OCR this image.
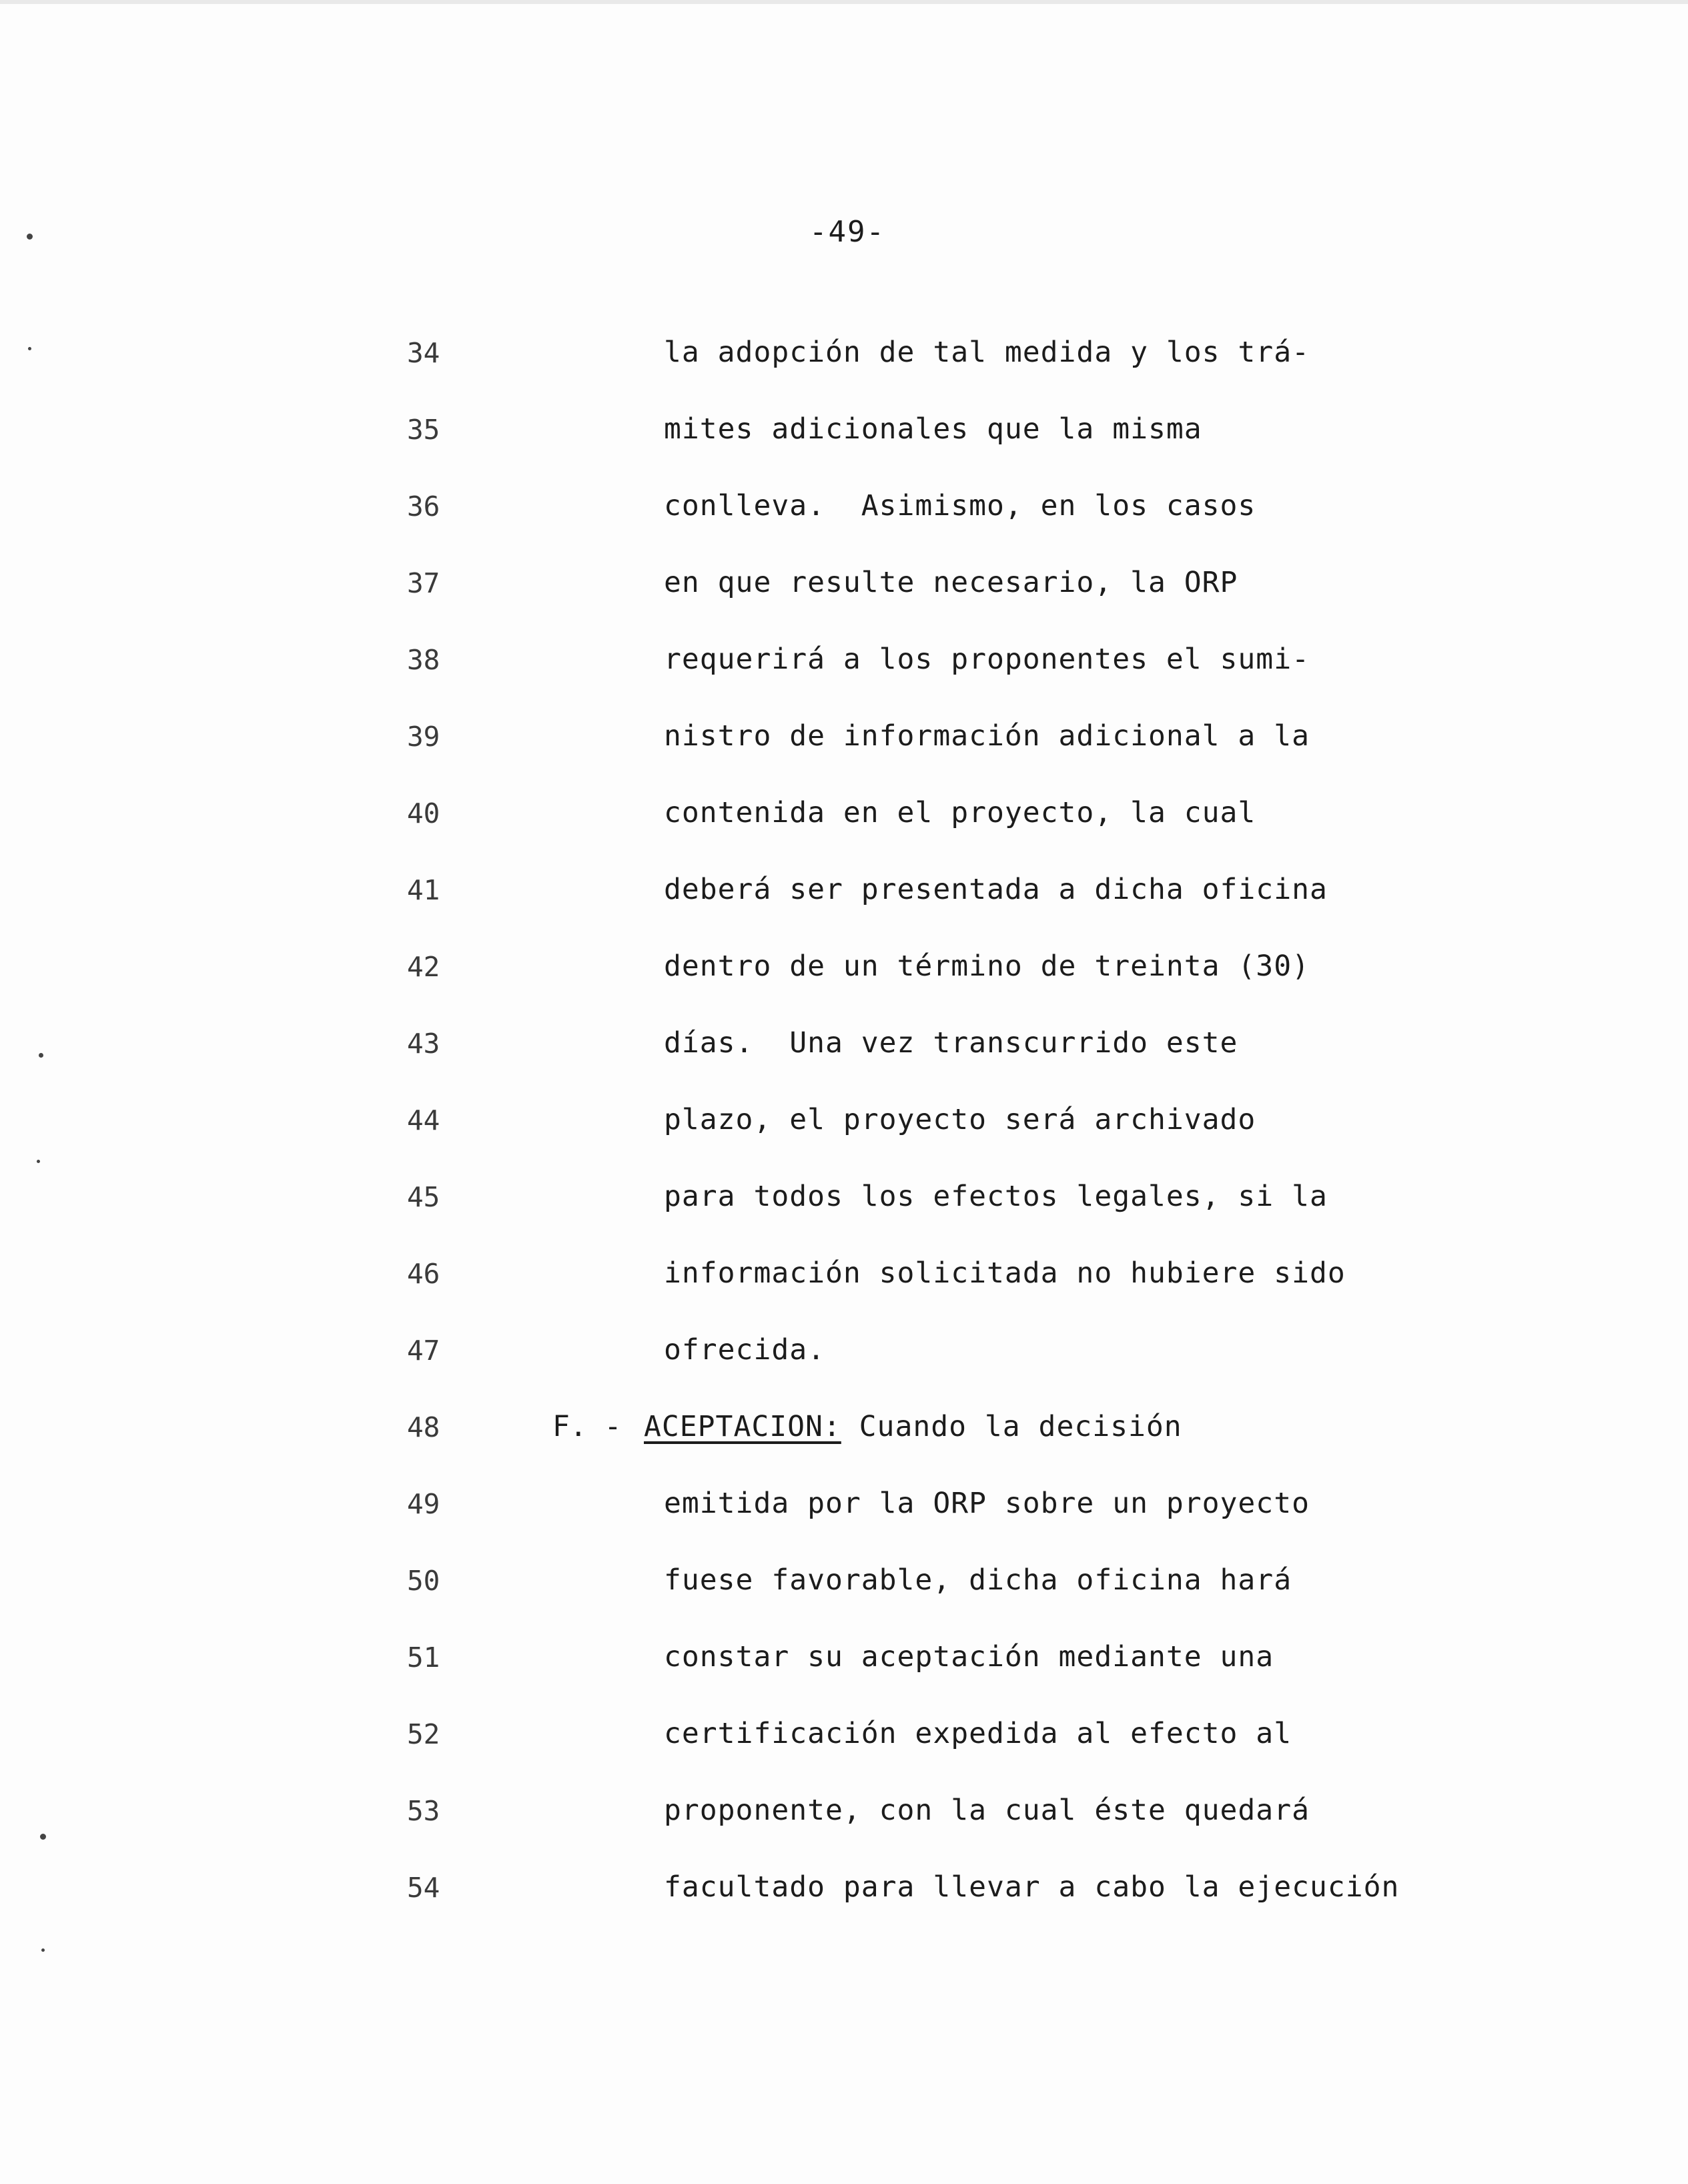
-49-
34
35
36
37
38
39
40
41
42
43
44
45
46
47
48
49
50
51
52
53
54
la adopción de tal medida y los trá-
mites adicionales que la misma
conlleva.  Asimismo, en los casos
en que resulte necesario, la ORP
requerirá a los proponentes el sumi-
nistro de información adicional a la
contenida en el proyecto, la cual
deberá ser presentada a dicha oficina
dentro de un término de treinta (30)
días.  Una vez transcurrido este
plazo, el proyecto será archivado
para todos los efectos legales, si la
información solicitada no hubiere sido
ofrecida.
F. - ACEPTACION: Cuando la decisión
emitida por la ORP sobre un proyecto
fuese favorable, dicha oficina hará
constar su aceptación mediante una
certificación expedida al efecto al
proponente, con la cual éste quedará
facultado para llevar a cabo la ejecución
